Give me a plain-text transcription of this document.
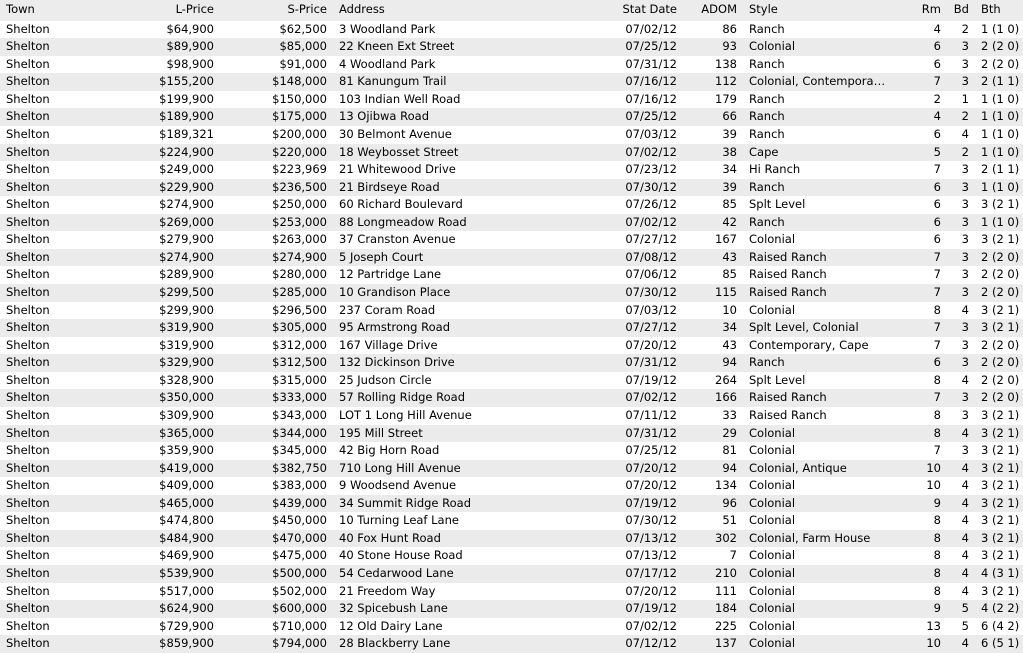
Town	L-Price	S-Price	Address	Stat Date	ADOM	Style	Rm	Bd	Bth
Shelton	$64,900	$62,500	3 Woodland Park	07/02/12	86	Ranch	4	2	1 (1 0)
Shelton	$89,900	$85,000	22 Kneen Ext Street	07/25/12	93	Colonial	6	3	2 (2 0)
Shelton	$98,900	$91,000	4 Woodland Park	07/31/12	138	Ranch	6	3	2 (2 0)
Shelton	$155,200	$148,000	81 Kanungum Trail	07/16/12	112	Colonial, Contempora…	7	3	2 (1 1)
Shelton	$199,900	$150,000	103 Indian Well Road	07/16/12	179	Ranch	2	1	1 (1 0)
Shelton	$189,900	$175,000	13 Ojibwa Road	07/25/12	66	Ranch	4	2	1 (1 0)
Shelton	$189,321	$200,000	30 Belmont Avenue	07/03/12	39	Ranch	6	4	1 (1 0)
Shelton	$224,900	$220,000	18 Weybosset Street	07/02/12	38	Cape	5	2	1 (1 0)
Shelton	$249,000	$223,969	21 Whitewood Drive	07/23/12	34	Hi Ranch	7	3	2 (1 1)
Shelton	$229,900	$236,500	21 Birdseye Road	07/30/12	39	Ranch	6	3	1 (1 0)
Shelton	$274,900	$250,000	60 Richard Boulevard	07/26/12	85	Splt Level	6	3	3 (2 1)
Shelton	$269,000	$253,000	88 Longmeadow Road	07/02/12	42	Ranch	6	3	1 (1 0)
Shelton	$279,900	$263,000	37 Cranston Avenue	07/27/12	167	Colonial	6	3	3 (2 1)
Shelton	$274,900	$274,900	5 Joseph Court	07/08/12	43	Raised Ranch	7	3	2 (2 0)
Shelton	$289,900	$280,000	12 Partridge Lane	07/06/12	85	Raised Ranch	7	3	2 (2 0)
Shelton	$299,500	$285,000	10 Grandison Place	07/30/12	115	Raised Ranch	7	3	2 (2 0)
Shelton	$299,900	$296,500	237 Coram Road	07/03/12	10	Colonial	8	4	3 (2 1)
Shelton	$319,900	$305,000	95 Armstrong Road	07/27/12	34	Splt Level, Colonial	7	3	3 (2 1)
Shelton	$319,900	$312,000	167 Village Drive	07/20/12	43	Contemporary, Cape	7	3	2 (2 0)
Shelton	$329,900	$312,500	132 Dickinson Drive	07/31/12	94	Ranch	6	3	2 (2 0)
Shelton	$328,900	$315,000	25 Judson Circle	07/19/12	264	Splt Level	8	4	2 (2 0)
Shelton	$350,000	$333,000	57 Rolling Ridge Road	07/02/12	166	Raised Ranch	7	3	2 (2 0)
Shelton	$309,900	$343,000	LOT 1 Long Hill Avenue	07/11/12	33	Raised Ranch	8	3	3 (2 1)
Shelton	$365,000	$344,000	195 Mill Street	07/31/12	29	Colonial	8	4	3 (2 1)
Shelton	$359,900	$345,000	42 Big Horn Road	07/25/12	81	Colonial	7	3	3 (2 1)
Shelton	$419,000	$382,750	710 Long Hill Avenue	07/20/12	94	Colonial, Antique	10	4	3 (2 1)
Shelton	$409,000	$383,000	9 Woodsend Avenue	07/20/12	134	Colonial	10	4	3 (2 1)
Shelton	$465,000	$439,000	34 Summit Ridge Road	07/19/12	96	Colonial	9	4	3 (2 1)
Shelton	$474,800	$450,000	10 Turning Leaf Lane	07/30/12	51	Colonial	8	4	3 (2 1)
Shelton	$484,900	$470,000	40 Fox Hunt Road	07/13/12	302	Colonial, Farm House	8	4	3 (2 1)
Shelton	$469,900	$475,000	40 Stone House Road	07/13/12	7	Colonial	8	4	3 (2 1)
Shelton	$539,900	$500,000	54 Cedarwood Lane	07/17/12	210	Colonial	8	4	4 (3 1)
Shelton	$517,000	$502,000	21 Freedom Way	07/20/12	111	Colonial	8	4	3 (2 1)
Shelton	$624,900	$600,000	32 Spicebush Lane	07/19/12	184	Colonial	9	5	4 (2 2)
Shelton	$729,900	$710,000	12 Old Dairy Lane	07/02/12	225	Colonial	13	5	6 (4 2)
Shelton	$859,900	$794,000	28 Blackberry Lane	07/12/12	137	Colonial	10	4	6 (5 1)
